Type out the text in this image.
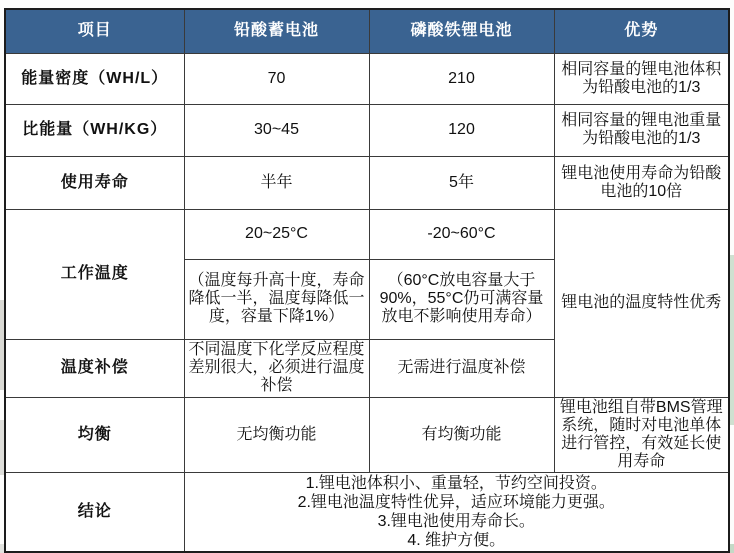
项目	铅酸蓄电池	磷酸铁锂电池	优势
能量密度（WH/L）	70	210	相同容量的锂电池体积为铅酸电池的1/3
比能量（WH/KG）	30~45	120	相同容量的锂电池重量为铅酸电池的1/3
使用寿命	半年	5年	锂电池使用寿命为铅酸电池的10倍
工作温度	20~25°C	-20~60°C	锂电池的温度特性优秀
	（温度每升高十度，寿命降低一半，温度每降低一度，容量下降1%）	（60°C放电容量大于90%，55°C仍可满容量放电不影响使用寿命）	
温度补偿	不同温度下化学反应程度差别很大，必须进行温度补偿	无需进行温度补偿	
均衡	无均衡功能	有均衡功能	锂电池组自带BMS管理系统，随时对电池单体进行管控，有效延长使用寿命
结论	1.锂电池体积小、重量轻，节约空间投资。
2.锂电池温度特性优异，适应环境能力更强。
3.锂电池使用寿命长。
4. 维护方便。		
